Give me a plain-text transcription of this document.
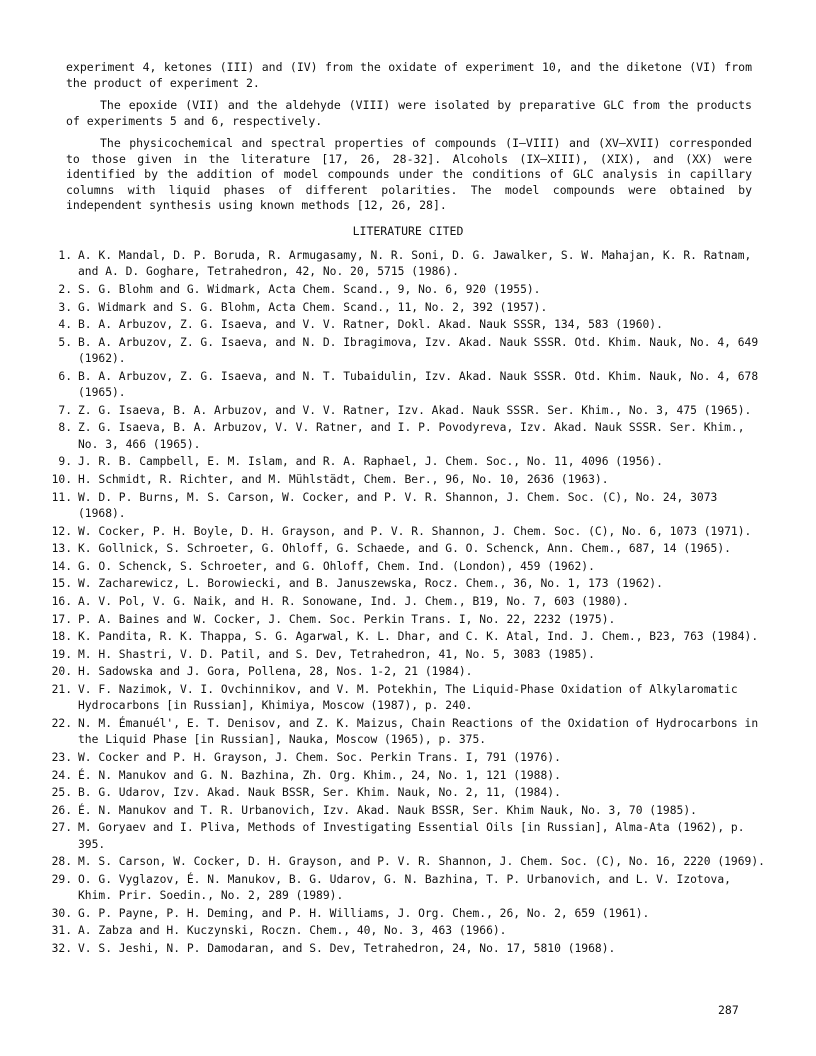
experiment 4, ketones (III) and (IV) from the oxidate of experiment 10, and the diketone (VI) from the product of experiment 2.

The epoxide (VII) and the aldehyde (VIII) were isolated by preparative GLC from the products of experiments 5 and 6, respectively.

The physicochemical and spectral properties of compounds (I–VIII) and (XV–XVII) corresponded to those given in the literature [17, 26, 28-32]. Alcohols (IX–XIII), (XIX), and (XX) were identified by the addition of model compounds under the conditions of GLC analysis in capillary columns with liquid phases of different polarities. The model compounds were obtained by independent synthesis using known methods [12, 26, 28].

LITERATURE CITED
1. A. K. Mandal, D. P. Boruda, R. Armugasamy, N. R. Soni, D. G. Jawalker, S. W. Mahajan, K. R. Ratnam, and A. D. Goghare, Tetrahedron, 42, No. 20, 5715 (1986).
2. S. G. Blohm and G. Widmark, Acta Chem. Scand., 9, No. 6, 920 (1955).
3. G. Widmark and S. G. Blohm, Acta Chem. Scand., 11, No. 2, 392 (1957).
4. B. A. Arbuzov, Z. G. Isaeva, and V. V. Ratner, Dokl. Akad. Nauk SSSR, 134, 583 (1960).
5. B. A. Arbuzov, Z. G. Isaeva, and N. D. Ibragimova, Izv. Akad. Nauk SSSR. Otd. Khim. Nauk, No. 4, 649 (1962).
6. B. A. Arbuzov, Z. G. Isaeva, and N. T. Tubaidulin, Izv. Akad. Nauk SSSR. Otd. Khim. Nauk, No. 4, 678 (1965).
7. Z. G. Isaeva, B. A. Arbuzov, and V. V. Ratner, Izv. Akad. Nauk SSSR. Ser. Khim., No. 3, 475 (1965).
8. Z. G. Isaeva, B. A. Arbuzov, V. V. Ratner, and I. P. Povodyreva, Izv. Akad. Nauk SSSR. Ser. Khim., No. 3, 466 (1965).
9. J. R. B. Campbell, E. M. Islam, and R. A. Raphael, J. Chem. Soc., No. 11, 4096 (1956).
10. H. Schmidt, R. Richter, and M. Mühlstädt, Chem. Ber., 96, No. 10, 2636 (1963).
11. W. D. P. Burns, M. S. Carson, W. Cocker, and P. V. R. Shannon, J. Chem. Soc. (C), No. 24, 3073 (1968).
12. W. Cocker, P. H. Boyle, D. H. Grayson, and P. V. R. Shannon, J. Chem. Soc. (C), No. 6, 1073 (1971).
13. K. Gollnick, S. Schroeter, G. Ohloff, G. Schaede, and G. O. Schenck, Ann. Chem., 687, 14 (1965).
14. G. O. Schenck, S. Schroeter, and G. Ohloff, Chem. Ind. (London), 459 (1962).
15. W. Zacharewicz, L. Borowiecki, and B. Januszewska, Rocz. Chem., 36, No. 1, 173 (1962).
16. A. V. Pol, V. G. Naik, and H. R. Sonowane, Ind. J. Chem., B19, No. 7, 603 (1980).
17. P. A. Baines and W. Cocker, J. Chem. Soc. Perkin Trans. I, No. 22, 2232 (1975).
18. K. Pandita, R. K. Thappa, S. G. Agarwal, K. L. Dhar, and C. K. Atal, Ind. J. Chem., B23, 763 (1984).
19. M. H. Shastri, V. D. Patil, and S. Dev, Tetrahedron, 41, No. 5, 3083 (1985).
20. H. Sadowska and J. Gora, Pollena, 28, Nos. 1-2, 21 (1984).
21. V. F. Nazimok, V. I. Ovchinnikov, and V. M. Potekhin, The Liquid-Phase Oxidation of Alkylaromatic Hydrocarbons [in Russian], Khimiya, Moscow (1987), p. 240.
22. N. M. Émanuél', E. T. Denisov, and Z. K. Maizus, Chain Reactions of the Oxidation of Hydrocarbons in the Liquid Phase [in Russian], Nauka, Moscow (1965), p. 375.
23. W. Cocker and P. H. Grayson, J. Chem. Soc. Perkin Trans. I, 791 (1976).
24. É. N. Manukov and G. N. Bazhina, Zh. Org. Khim., 24, No. 1, 121 (1988).
25. B. G. Udarov, Izv. Akad. Nauk BSSR, Ser. Khim. Nauk, No. 2, 11, (1984).
26. É. N. Manukov and T. R. Urbanovich, Izv. Akad. Nauk BSSR, Ser. Khim Nauk, No. 3, 70 (1985).
27. M. Goryaev and I. Pliva, Methods of Investigating Essential Oils [in Russian], Alma-Ata (1962), p. 395.
28. M. S. Carson, W. Cocker, D. H. Grayson, and P. V. R. Shannon, J. Chem. Soc. (C), No. 16, 2220 (1969).
29. O. G. Vyglazov, É. N. Manukov, B. G. Udarov, G. N. Bazhina, T. P. Urbanovich, and L. V. Izotova, Khim. Prir. Soedin., No. 2, 289 (1989).
30. G. P. Payne, P. H. Deming, and P. H. Williams, J. Org. Chem., 26, No. 2, 659 (1961).
31. A. Zabza and H. Kuczynski, Roczn. Chem., 40, No. 3, 463 (1966).
32. V. S. Jeshi, N. P. Damodaran, and S. Dev, Tetrahedron, 24, No. 17, 5810 (1968).
287
